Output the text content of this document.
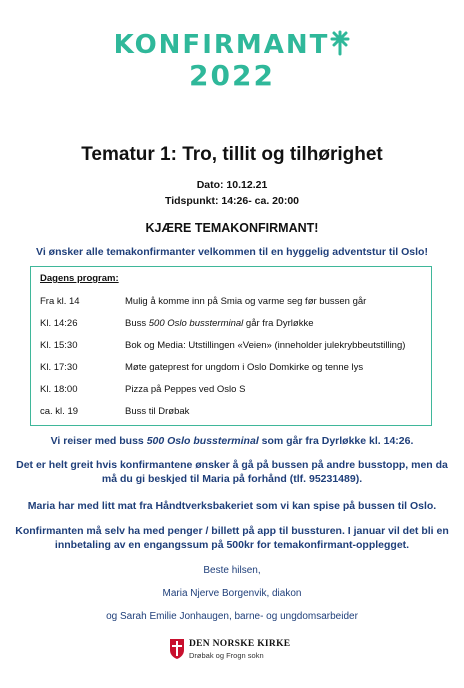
KONFIRMANT
2022
Tematur 1: Tro, tillit og tilhørighet
Dato: 10.12.21
Tidspunkt: 14:26- ca. 20:00
KJÆRE TEMAKONFIRMANT!
Vi ønsker alle temakonfirmanter velkommen til en hyggelig adventstur til Oslo!
Dagens program:
Fra kl. 14	Mulig å komme inn på Smia og varme seg før bussen går
Kl. 14:26	Buss 500 Oslo bussterminal går fra Dyrløkke
Kl. 15:30	Bok og Media: Utstillingen «Veien» (inneholder julekrybbeutstilling)
Kl. 17:30	Møte gateprest for ungdom i Oslo Domkirke og tenne lys
Kl. 18:00	Pizza på Peppes ved Oslo S
ca. kl. 19	Buss til Drøbak
Vi reiser med buss 500 Oslo bussterminal som går fra Dyrløkke kl. 14:26.
Det er helt greit hvis konfirmantene ønsker å gå på bussen på andre busstopp, men da må du gi beskjed til Maria på forhånd (tlf. 95231489).
Maria har med litt mat fra Håndtverksbakeriet som vi kan spise på bussen til Oslo.
Konfirmanten må selv ha med penger / billett på app til bussturen. I januar vil det bli en innbetaling av en engangssum på 500kr for temakonfirmant-opplegget.
Beste hilsen,
Maria Njerve Borgenvik, diakon
og Sarah Emilie Jonhaugen, barne- og ungdomsarbeider
DEN NORSKE KIRKE
Drøbak og Frogn sokn
